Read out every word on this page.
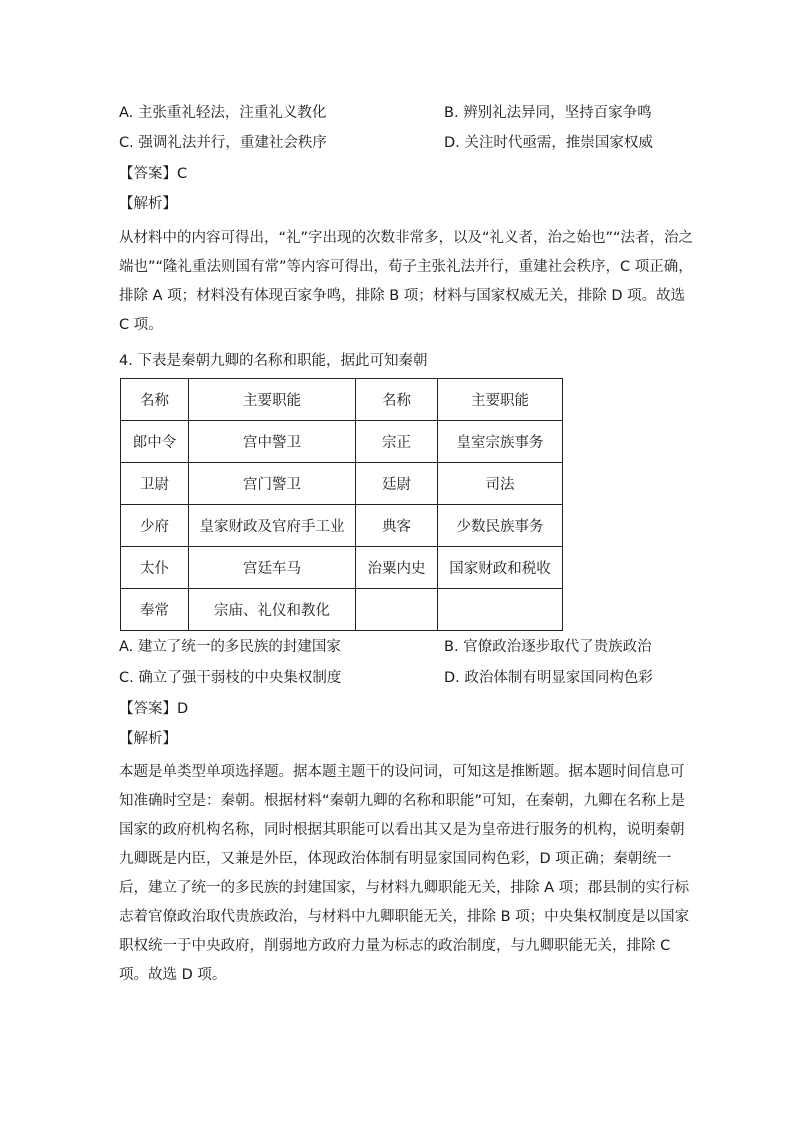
A. 主张重礼轻法，注重礼义教化	B. 辨别礼法异同，坚持百家争鸣
C. 强调礼法并行，重建社会秩序	D. 关注时代亟需，推崇国家权威
【答案】C
【解析】
从材料中的内容可得出，“礼”字出现的次数非常多，以及“礼义者，治之始也”“法者，治之
端也”“隆礼重法则国有常”等内容可得出，荀子主张礼法并行，重建社会秩序，C 项正确，
排除 A 项；材料没有体现百家争鸣，排除 B 项；材料与国家权威无关，排除 D 项。故选
C 项。
4. 下表是秦朝九卿的名称和职能，据此可知秦朝
名称	主要职能	名称	主要职能
郎中令	宫中警卫	宗正	皇室宗族事务
卫尉	宫门警卫	廷尉	司法
少府	皇家财政及官府手工业	典客	少数民族事务
太仆	宫廷车马	治粟内史	国家财政和税收
奉常	宗庙、礼仪和教化		
A. 建立了统一的多民族的封建国家	B. 官僚政治逐步取代了贵族政治
C. 确立了强干弱枝的中央集权制度	D. 政治体制有明显家国同构色彩
【答案】D
【解析】
本题是单类型单项选择题。据本题主题干的设问词，可知这是推断题。据本题时间信息可
知准确时空是：秦朝。根据材料“秦朝九卿的名称和职能”可知，在秦朝，九卿在名称上是
国家的政府机构名称，同时根据其职能可以看出其又是为皇帝进行服务的机构，说明秦朝
九卿既是内臣，又兼是外臣，体现政治体制有明显家国同构色彩，D 项正确；秦朝统一
后，建立了统一的多民族的封建国家，与材料九卿职能无关，排除 A 项；郡县制的实行标
志着官僚政治取代贵族政治，与材料中九卿职能无关，排除 B 项；中央集权制度是以国家
职权统一于中央政府，削弱地方政府力量为标志的政治制度，与九卿职能无关，排除 C
项。故选 D 项。
